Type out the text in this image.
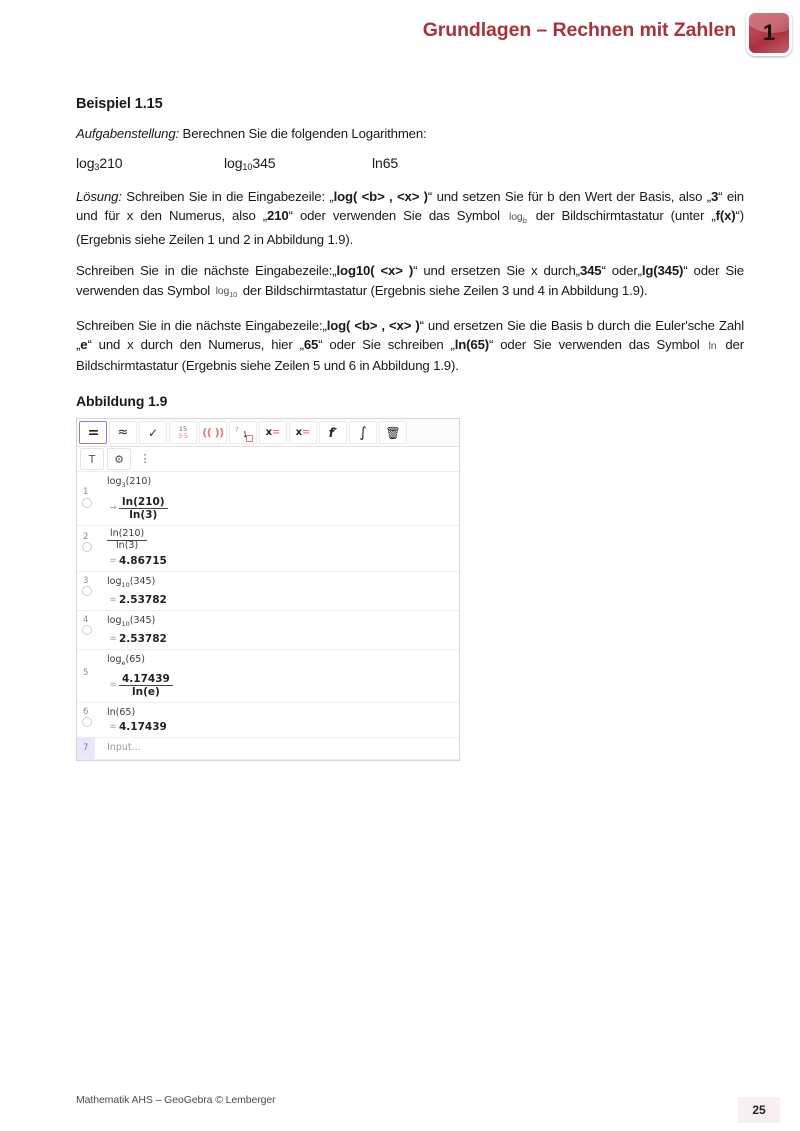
Grundlagen – Rechnen mit Zahlen 1
Beispiel 1.15

Aufgabenstellung: Berechnen Sie die folgenden Logarithmen:

$\log_3210$	$\log_{10}345$	ln65

Lösung: Schreiben Sie in die Eingabezeile: „log( <b> , <x> )“ und setzen Sie für b den Wert der Basis, also „3“ ein und für x den Numerus, also „210“ oder verwenden Sie das Symbol $\log_b$ der Bildschirmtastatur (unter „f(x)“) (Ergebnis siehe Zeilen 1 und 2 in Abbildung 1.9).

Schreiben Sie in die nächste Eingabezeile:„log10( <x> )“ und ersetzen Sie x durch„345“ oder„lg(345)“ oder Sie verwenden das Symbol $\log_{10}$ der Bildschirmtastatur (Ergebnis siehe Zeilen 3 und 4 in Abbildung 1.9).

Schreiben Sie in die nächste Eingabezeile:„log( <b> , <x> )“ und ersetzen Sie die Basis b durch die Euler'sche Zahl „e“ und x durch den Numerus, hier „65“ oder Sie schreiben „ln(65)“ oder Sie verwenden das Symbol ln der Bildschirmtastatur (Ergebnis siehe Zeilen 5 und 6 in Abbildung 1.9).

Abbildung 1.9
= ≈ ✓	15
3·5 (( )) ? ➘ x= x= f′ ∫ 🗑
T ⚙ ⋮
1
$\log_3(210)$
→ $\frac{\ln(210)}{\ln(3)}$
$2 \frac{\ln(210)}{\ln(3)}$
= 4.86715
3 $\log_{10}(345)$
= 2.53782
4 $\log_{10}(345)$
= 2.53782
5
$\log_e(65)$
= $\frac{4.17439}{\ln(e)}$
6 ln(65)
= 4.17439
7 Input...
Mathematik AHS – GeoGebra © Lemberger
25
